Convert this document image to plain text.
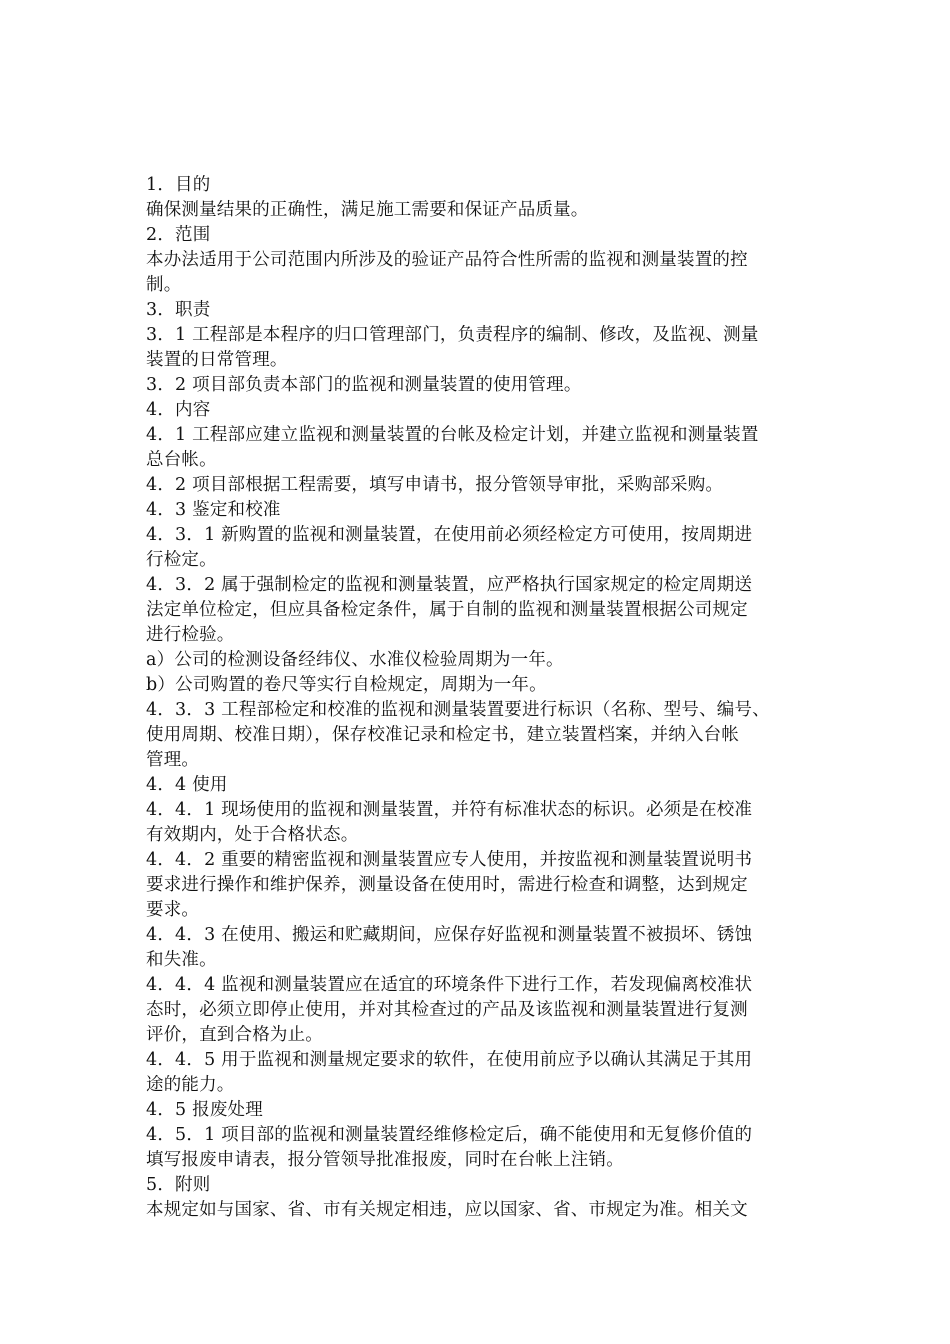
1．目的
确保测量结果的正确性，满足施工需要和保证产品质量。
2．范围
本办法适用于公司范围内所涉及的验证产品符合性所需的监视和测量装置的控
制。
3．职责
3．1 工程部是本程序的归口管理部门，负责程序的编制、修改，及监视、测量
装置的日常管理。
3．2 项目部负责本部门的监视和测量装置的使用管理。
4．内容
4．1 工程部应建立监视和测量装置的台帐及检定计划，并建立监视和测量装置
总台帐。
4．2 项目部根据工程需要，填写申请书，报分管领导审批，采购部采购。
4．3 鉴定和校准
4．3．1 新购置的监视和测量装置，在使用前必须经检定方可使用，按周期进
行检定。
4．3．2 属于强制检定的监视和测量装置，应严格执行国家规定的检定周期送
法定单位检定，但应具备检定条件，属于自制的监视和测量装置根据公司规定
进行检验。
a）公司的检测设备经纬仪、水准仪检验周期为一年。
b）公司购置的卷尺等实行自检规定，周期为一年。
4．3．3 工程部检定和校准的监视和测量装置要进行标识（名称、型号、编号、
使用周期、校准日期），保存校准记录和检定书，建立装置档案，并纳入台帐
管理。
4．4 使用
4．4．1 现场使用的监视和测量装置，并符有标准状态的标识。必须是在校准
有效期内，处于合格状态。
4．4．2 重要的精密监视和测量装置应专人使用，并按监视和测量装置说明书
要求进行操作和维护保养，测量设备在使用时，需进行检查和调整，达到规定
要求。
4．4．3 在使用、搬运和贮藏期间，应保存好监视和测量装置不被损坏、锈蚀
和失准。
4．4．4 监视和测量装置应在适宜的环境条件下进行工作，若发现偏离校准状
态时，必须立即停止使用，并对其检查过的产品及该监视和测量装置进行复测
评价，直到合格为止。
4．4．5 用于监视和测量规定要求的软件，在使用前应予以确认其满足于其用
途的能力。
4．5 报废处理
4．5．1 项目部的监视和测量装置经维修检定后，确不能使用和无复修价值的
填写报废申请表，报分管领导批准报废，同时在台帐上注销。
5．附则
本规定如与国家、省、市有关规定相违，应以国家、省、市规定为准。相关文
